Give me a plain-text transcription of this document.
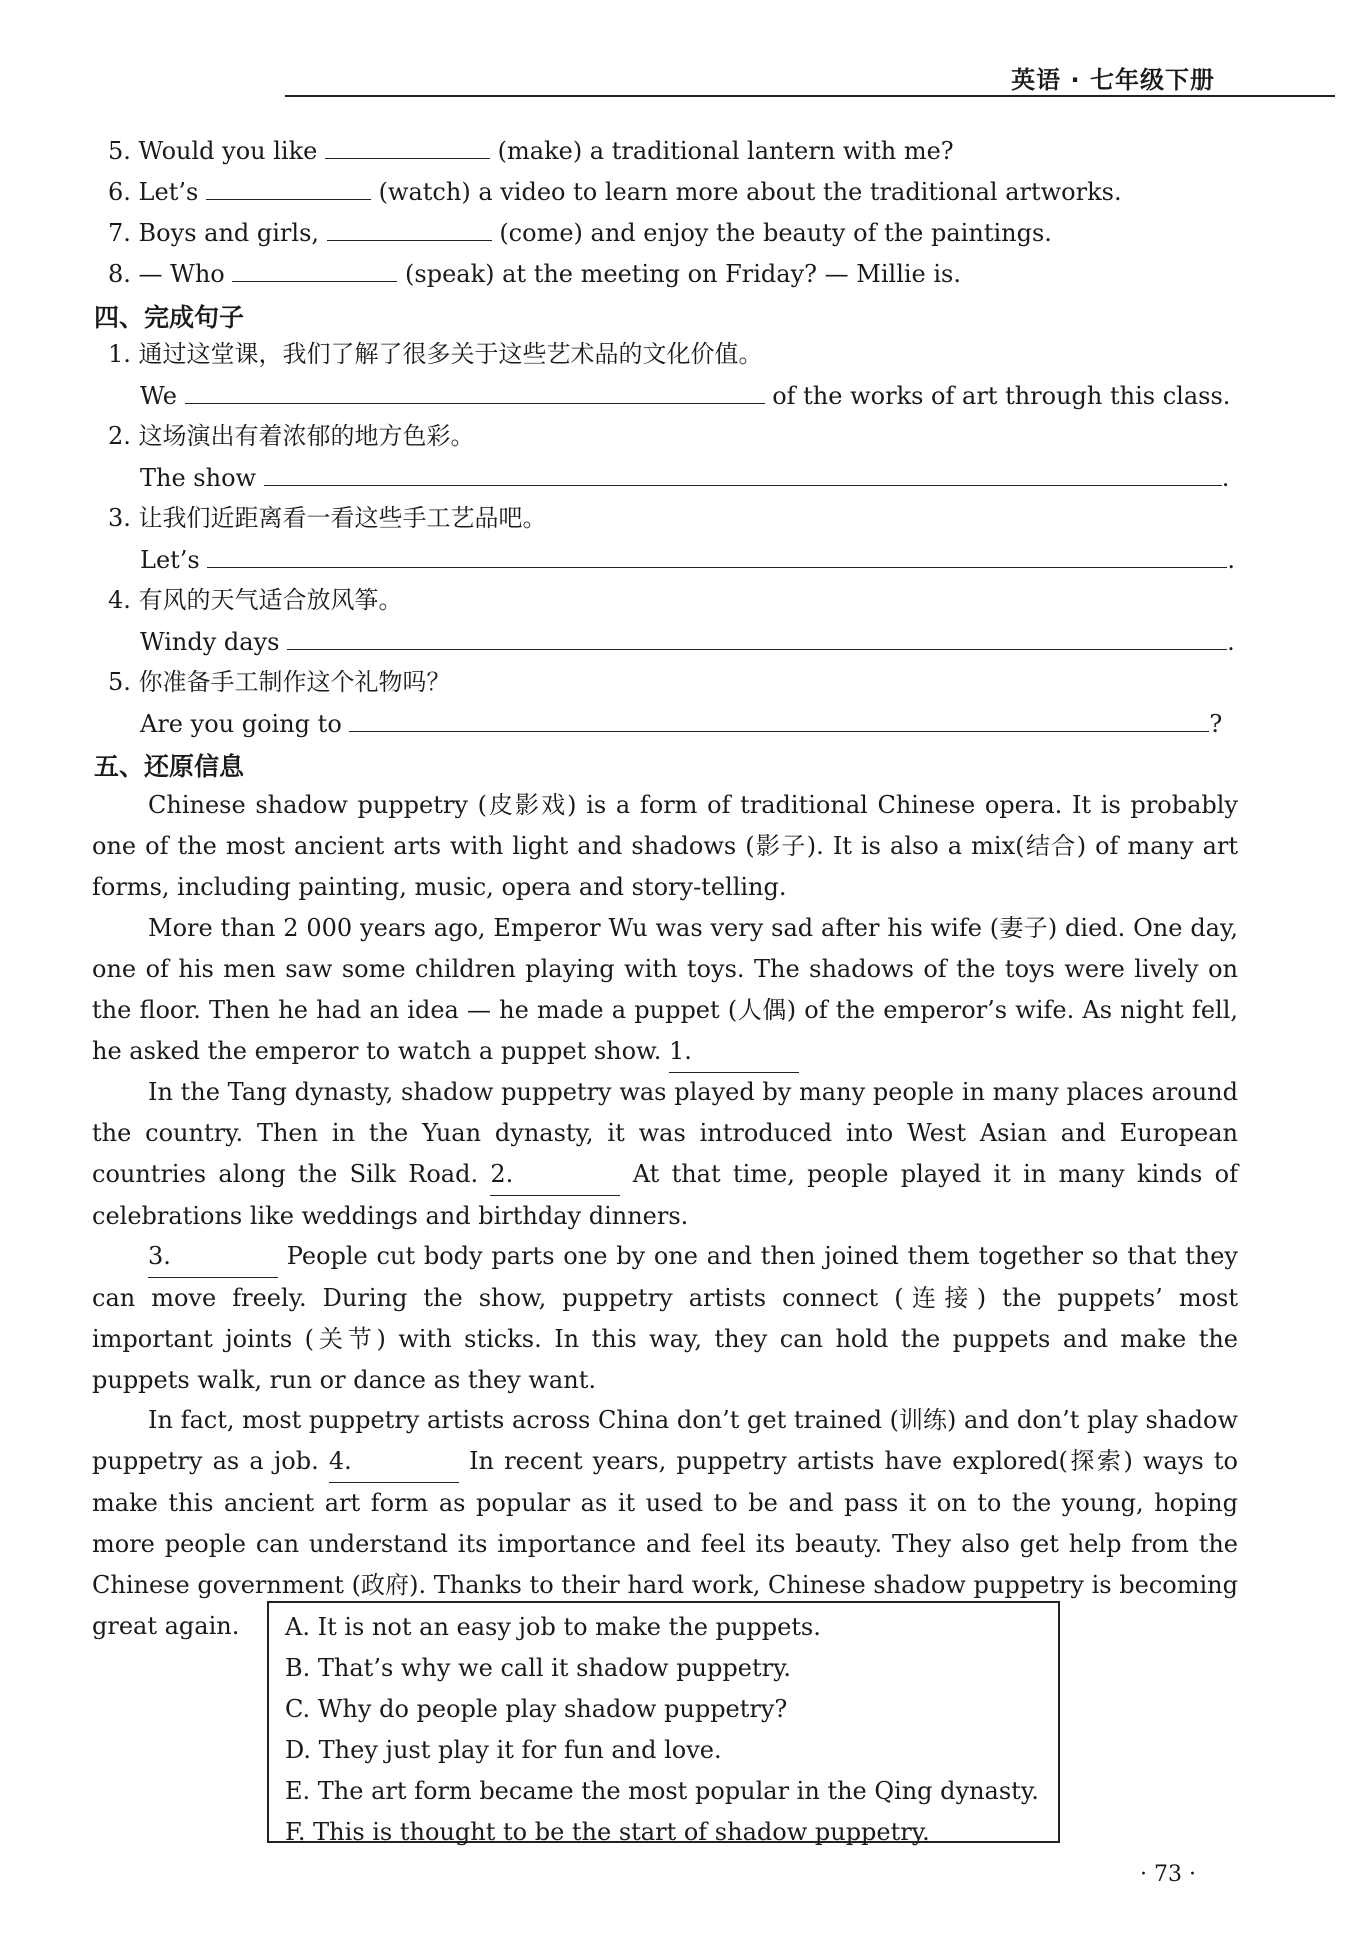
英语 · 七年级下册
5. Would you like	(make) a traditional lantern with me?
6. Let’s	(watch) a video to learn more about the traditional artworks.
7. Boys and girls,	(come) and enjoy the beauty of the paintings.
8. — Who	(speak) at the meeting on Friday? — Millie is.
四、完成句子
1. 通过这堂课，我们了解了很多关于这些艺术品的文化价值。
We	of the works of art through this class.
2. 这场演出有着浓郁的地方色彩。
The show	.
3. 让我们近距离看一看这些手工艺品吧。
Let’s	.
4. 有风的天气适合放风筝。
Windy days	.
5. 你准备手工制作这个礼物吗？
Are you going to	?
五、还原信息
Chinese shadow puppetry (皮影戏) is a form of traditional Chinese opera. It is probably one of the most ancient arts with light and shadows (影子). It is also a mix(结合) of many art forms, including painting, music, opera and story-telling.
More than 2 000 years ago, Emperor Wu was very sad after his wife (妻子) died. One day, one of his men saw some children playing with toys. The shadows of the toys were lively on the floor. Then he had an idea — he made a puppet (人偶) of the emperor’s wife. As night fell, he asked the emperor to watch a puppet show. 1.
In the Tang dynasty, shadow puppetry was played by many people in many places around the country. Then in the Yuan dynasty, it was introduced into West Asian and European countries along the Silk Road. 2.	At that time, people played it in many kinds of celebrations like weddings and birthday dinners.
3.	People cut body parts one by one and then joined them together so that they can move freely. During the show, puppetry artists connect (连接) the puppets’ most important joints (关节) with sticks. In this way, they can hold the puppets and make the puppets walk, run or dance as they want.
In fact, most puppetry artists across China don’t get trained (训练) and don’t play shadow puppetry as a job. 4.	In recent years, puppetry artists have explored(探索) ways to make this ancient art form as popular as it used to be and pass it on to the young, hoping more people can understand its importance and feel its beauty. They also get help from the Chinese government (政府). Thanks to their hard work, Chinese shadow puppetry is becoming great again.	A. It is not an easy job to make the puppets.
B. That’s why we call it shadow puppetry.
C. Why do people play shadow puppetry?
D. They just play it for fun and love.
E. The art form became the most popular in the Qing dynasty.
F. This is thought to be the start of shadow puppetry.
· 73 ·
